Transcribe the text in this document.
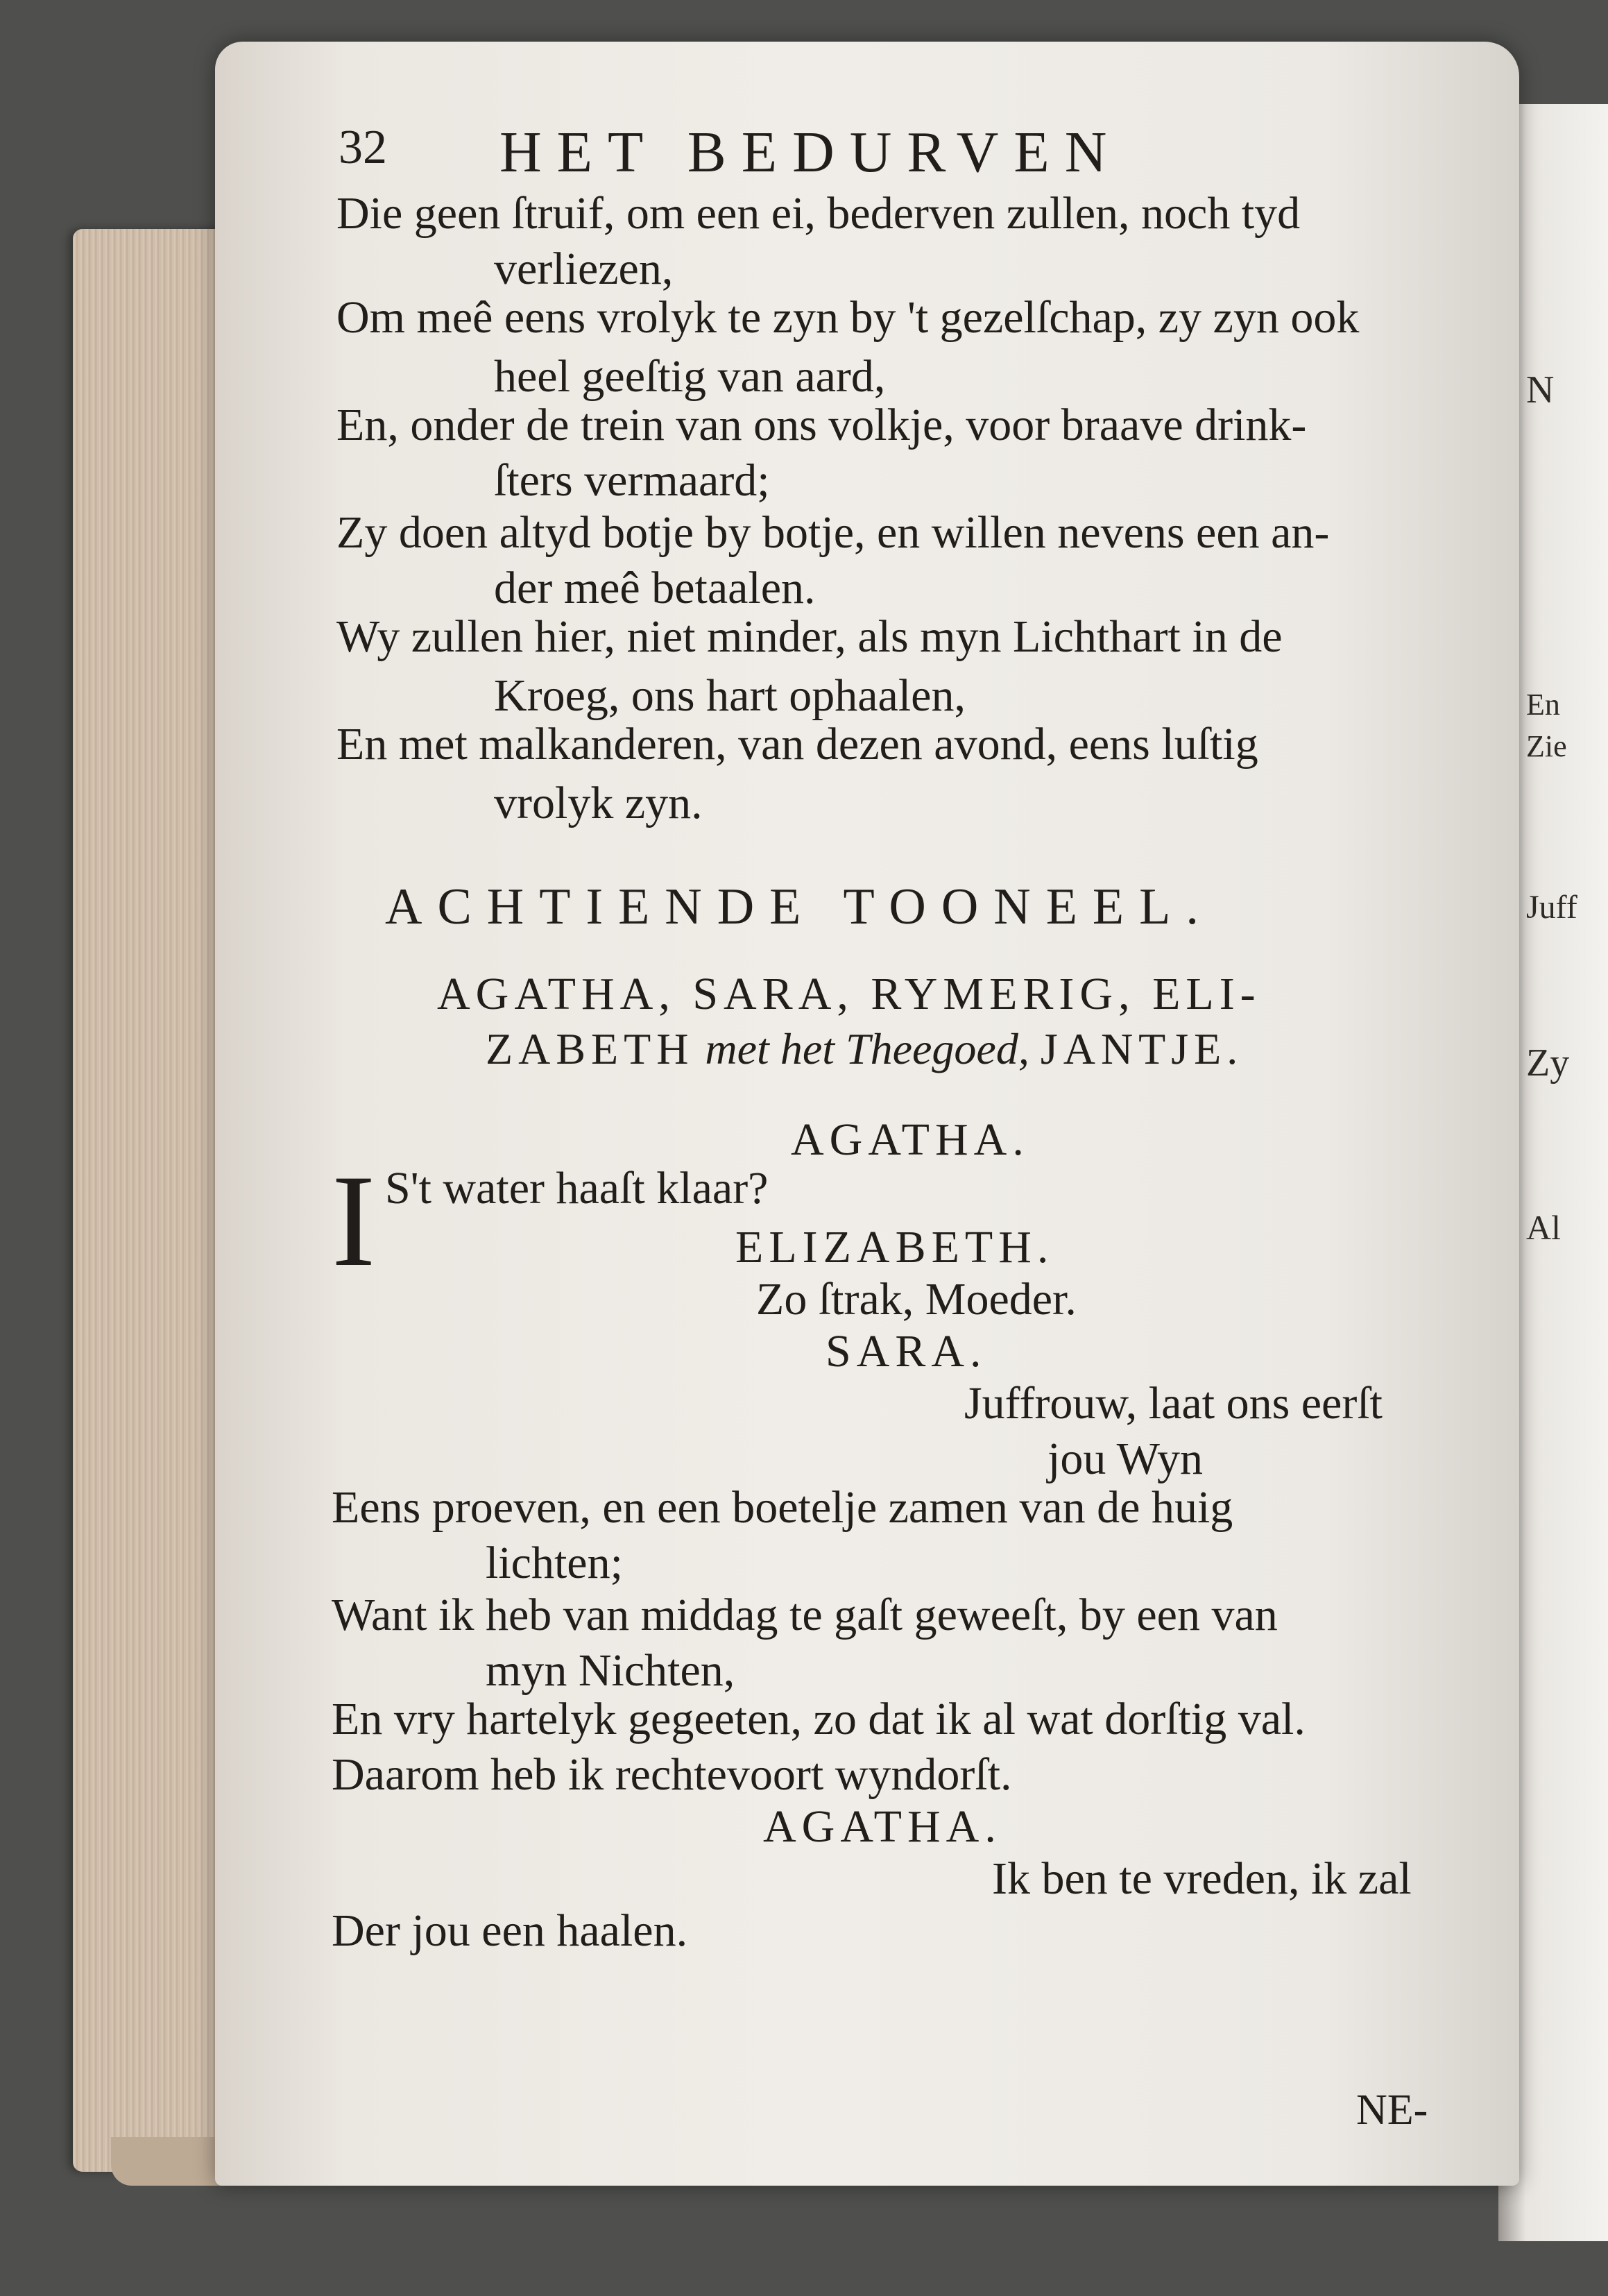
N
En
Zie
Juff
Zy
Al
32 HET BEDURVEN
Die geen ſtruif, om een ei, bederven zullen, noch tyd
verliezen,
Om meê eens vrolyk te zyn by 't gezelſchap, zy zyn ook
heel geeſtig van aard,
En, onder de trein van ons volkje, voor braave drink-
ſters vermaard;
Zy doen altyd botje by botje, en willen nevens een an-
der meê betaalen.
Wy zullen hier, niet minder, als myn Lichthart in de
Kroeg, ons hart ophaalen,
En met malkanderen, van dezen avond, eens luſtig
vrolyk zyn.
ACHTIENDE TOONEEL.
AGATHA, SARA, RYMERIG, ELI-
ZABETH met het Theegoed, JANTJE.
AGATHA.
I S't water haaſt klaar?
ELIZABETH.
Zo ſtrak, Moeder.
SARA.
Juffrouw, laat ons eerſt
jou Wyn
Eens proeven, en een boetelje zamen van de huig
lichten;
Want ik heb van middag te gaſt geweeſt, by een van
myn Nichten,
En vry hartelyk gegeeten, zo dat ik al wat dorſtig val.
Daarom heb ik rechtevoort wyndorſt.
AGATHA.
Ik ben te vreden, ik zal
Der jou een haalen.
NE-
